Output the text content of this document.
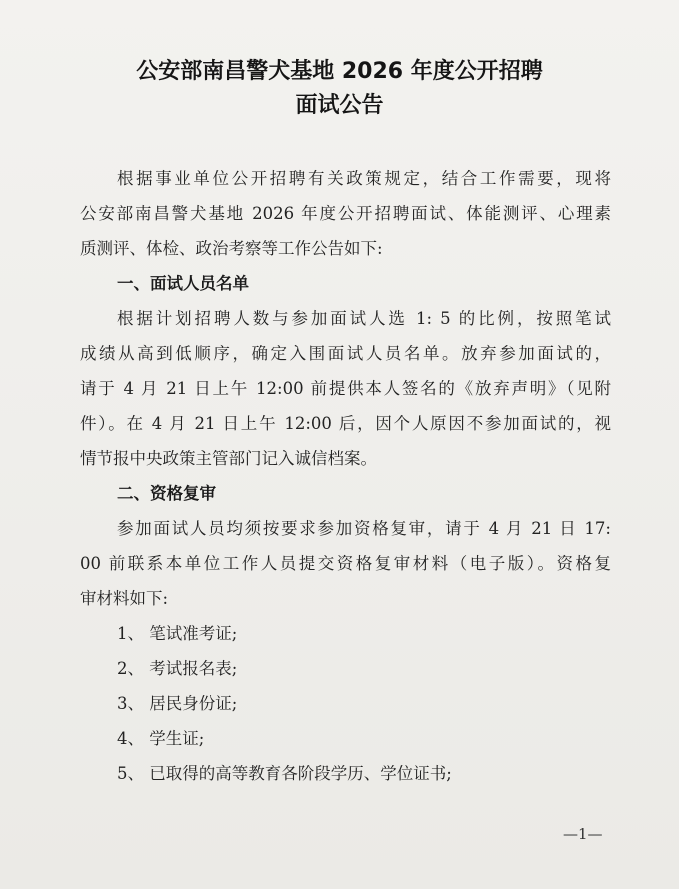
公安部南昌警犬基地 2026 年度公开招聘
面试公告
根据事业单位公开招聘有关政策规定，结合工作需要，现将
公安部南昌警犬基地 2026 年度公开招聘面试、体能测评、心理素
质测评、体检、政治考察等工作公告如下:
一、面试人员名单
根据计划招聘人数与参加面试人选 1: 5 的比例，按照笔试
成绩从高到低顺序，确定入围面试人员名单。放弃参加面试的，
请于 4 月 21 日上午 12:00 前提供本人签名的《放弃声明》（见附
件）。在 4 月 21 日上午 12:00 后，因个人原因不参加面试的，视
情节报中央政策主管部门记入诚信档案。
二、资格复审
参加面试人员均须按要求参加资格复审，请于 4 月 21 日 17:
00 前联系本单位工作人员提交资格复审材料（电子版）。资格复
审材料如下:
1、 笔试准考证;
2、 考试报名表;
3、 居民身份证;
4、 学生证;
5、 已取得的高等教育各阶段学历、学位证书;
—1—
